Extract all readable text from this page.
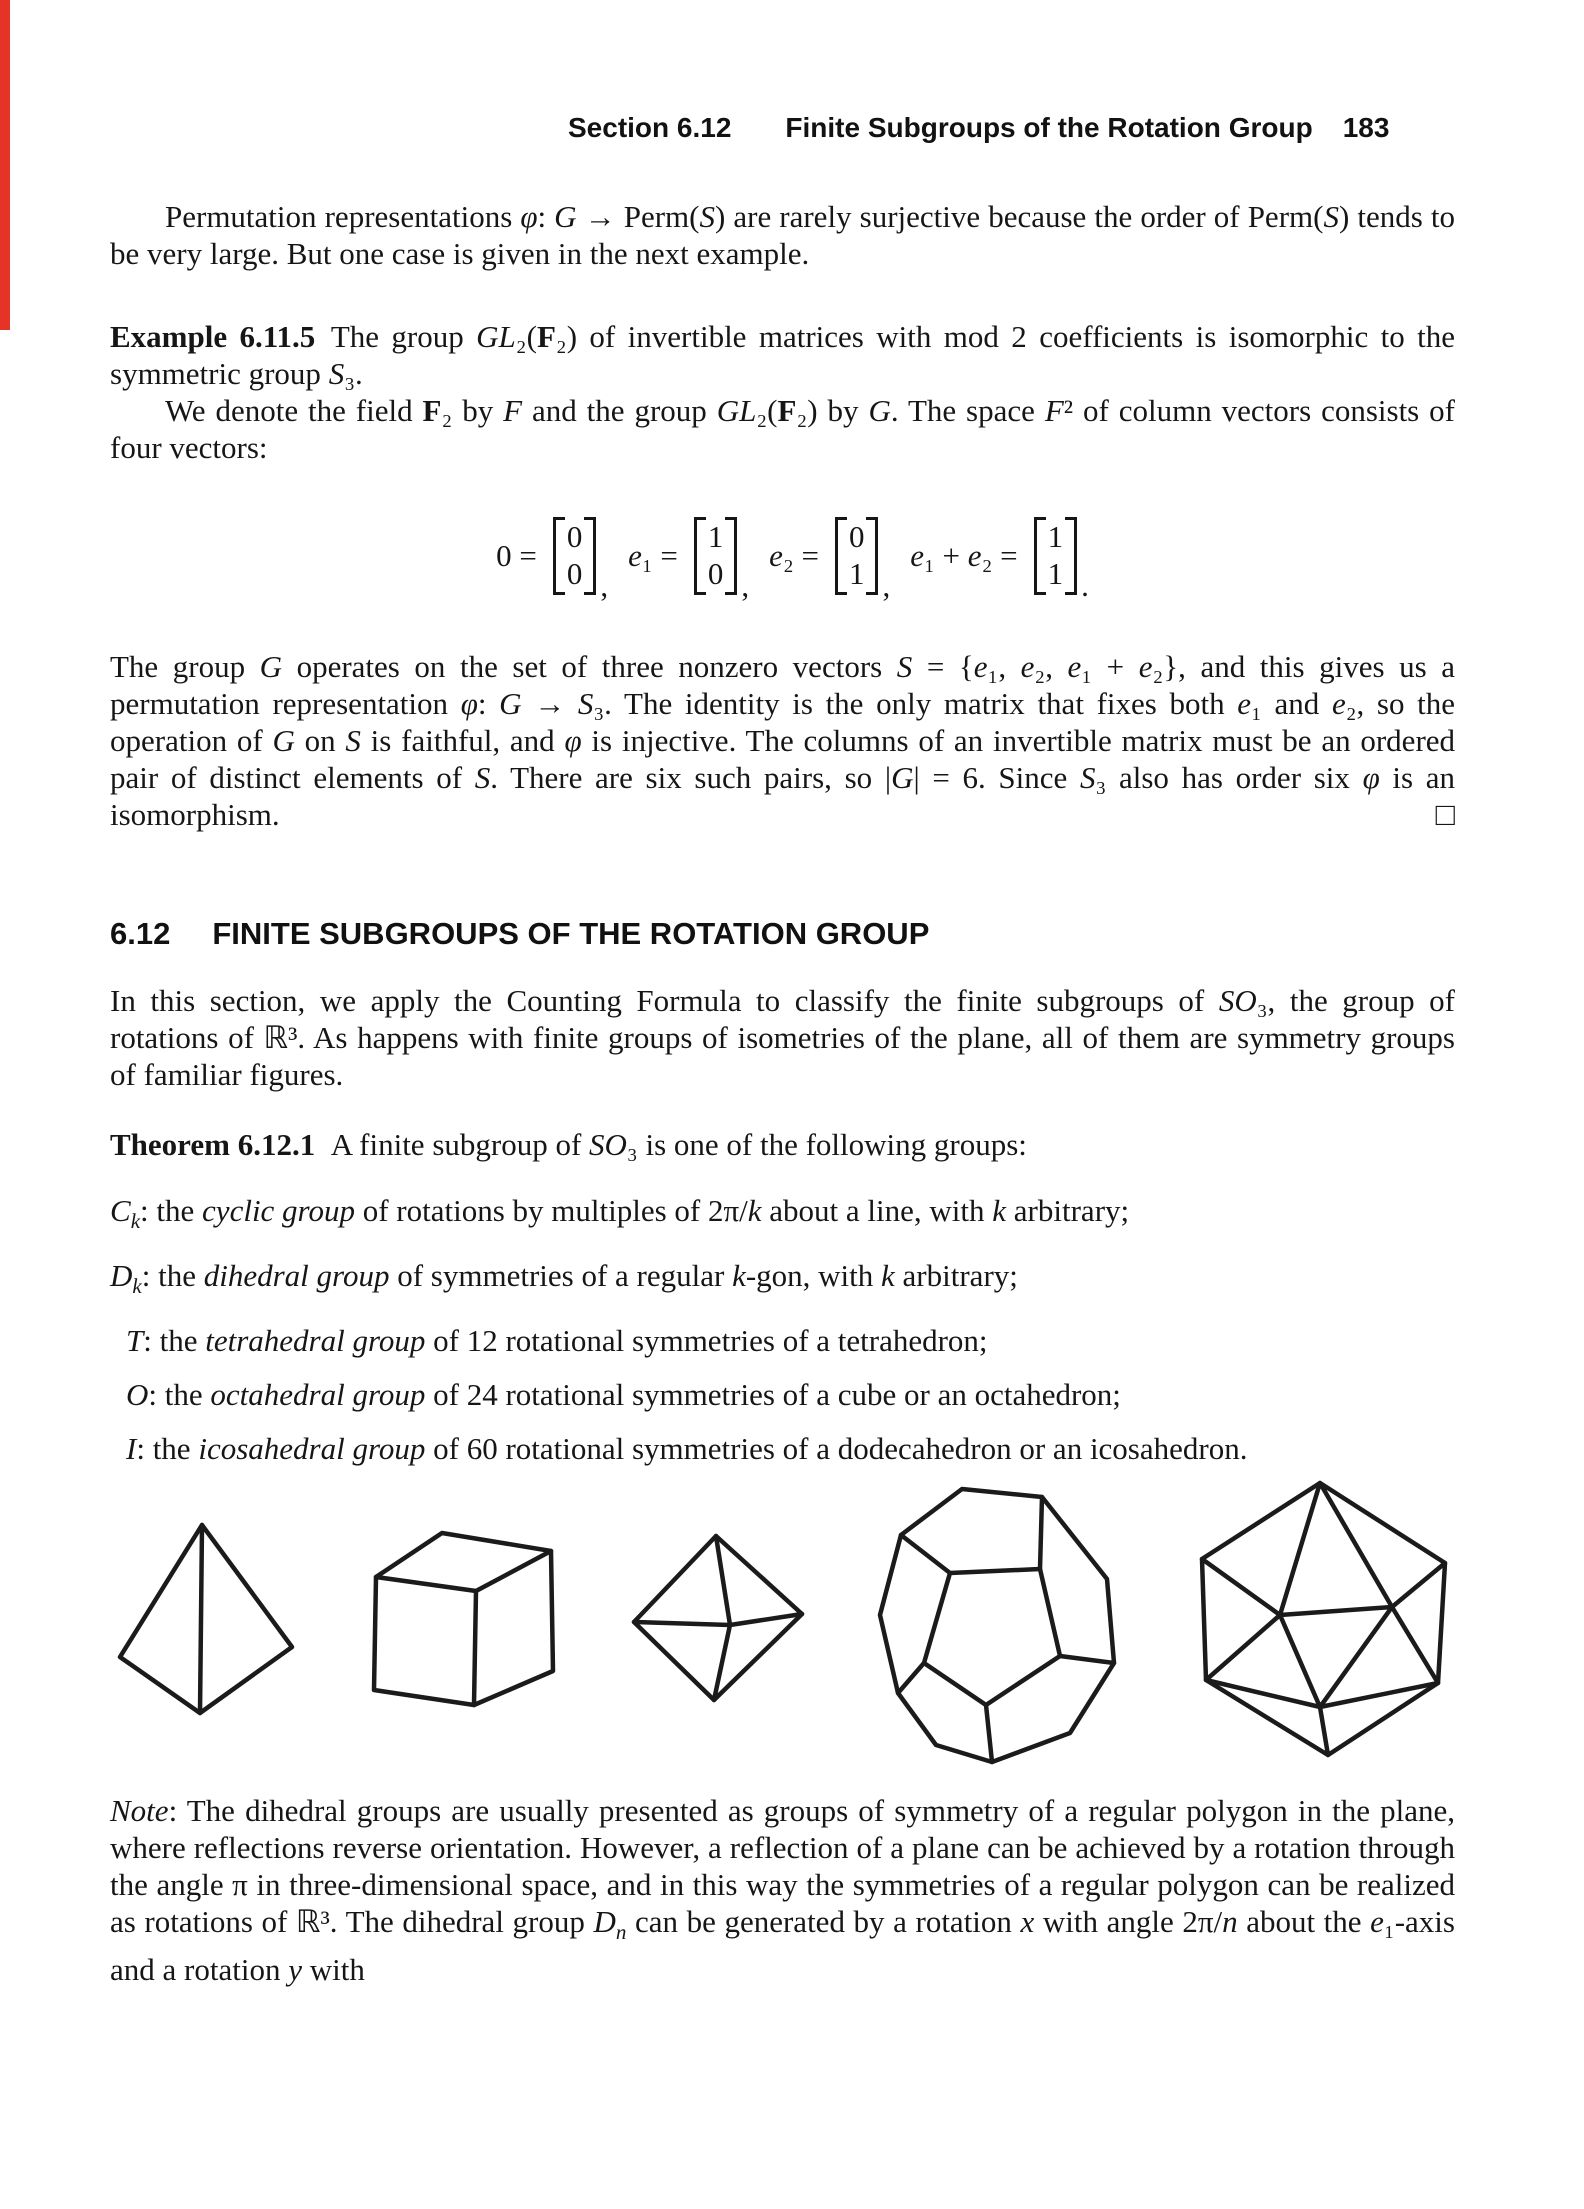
Section 6.12 Finite Subgroups of the Rotation Group 183
Permutation representations φ: G → Perm(S) are rarely surjective because the order of Perm(S) tends to be very large. But one case is given in the next example.
Example 6.11.5 The group GL₂(F₂) of invertible matrices with mod 2 coefficients is isomorphic to the symmetric group S₃.
We denote the field F₂ by F and the group GL₂(F₂) by G. The space F² of column vectors consists of four vectors:
0 =
0
0 ,
e₁ =
1
0 ,
e₂ =
0
1 ,
e₁ + e₂ =
1
1 .
The group G operates on the set of three nonzero vectors S = {e₁, e₂, e₁ + e₂}, and this gives us a permutation representation φ: G → S₃. The identity is the only matrix that fixes both e₁ and e₂, so the operation of G on S is faithful, and φ is injective. The columns of an invertible matrix must be an ordered pair of distinct elements of S. There are six such pairs, so |G| = 6. Since S₃ also has order six φ is an isomorphism.	□
6.12 FINITE SUBGROUPS OF THE ROTATION GROUP
In this section, we apply the Counting Formula to classify the finite subgroups of SO₃, the group of rotations of ℝ³. As happens with finite groups of isometries of the plane, all of them are symmetry groups of familiar figures.
Theorem 6.12.1 A finite subgroup of SO₃ is one of the following groups:
$C_k$: the cyclic group of rotations by multiples of 2π/k about a line, with k arbitrary;
$D_k$: the dihedral group of symmetries of a regular k-gon, with k arbitrary;
T: the tetrahedral group of 12 rotational symmetries of a tetrahedron;
O: the octahedral group of 24 rotational symmetries of a cube or an octahedron;
I: the icosahedral group of 60 rotational symmetries of a dodecahedron or an icosahedron.
Note: The dihedral groups are usually presented as groups of symmetry of a regular polygon in the plane, where reflections reverse orientation. However, a reflection of a plane can be achieved by a rotation through the angle π in three-dimensional space, and in this way the symmetries of a regular polygon can be realized as rotations of ℝ³. The dihedral group $D_n$ can be generated by a rotation x with angle 2π/n about the e₁-axis and a rotation y with
